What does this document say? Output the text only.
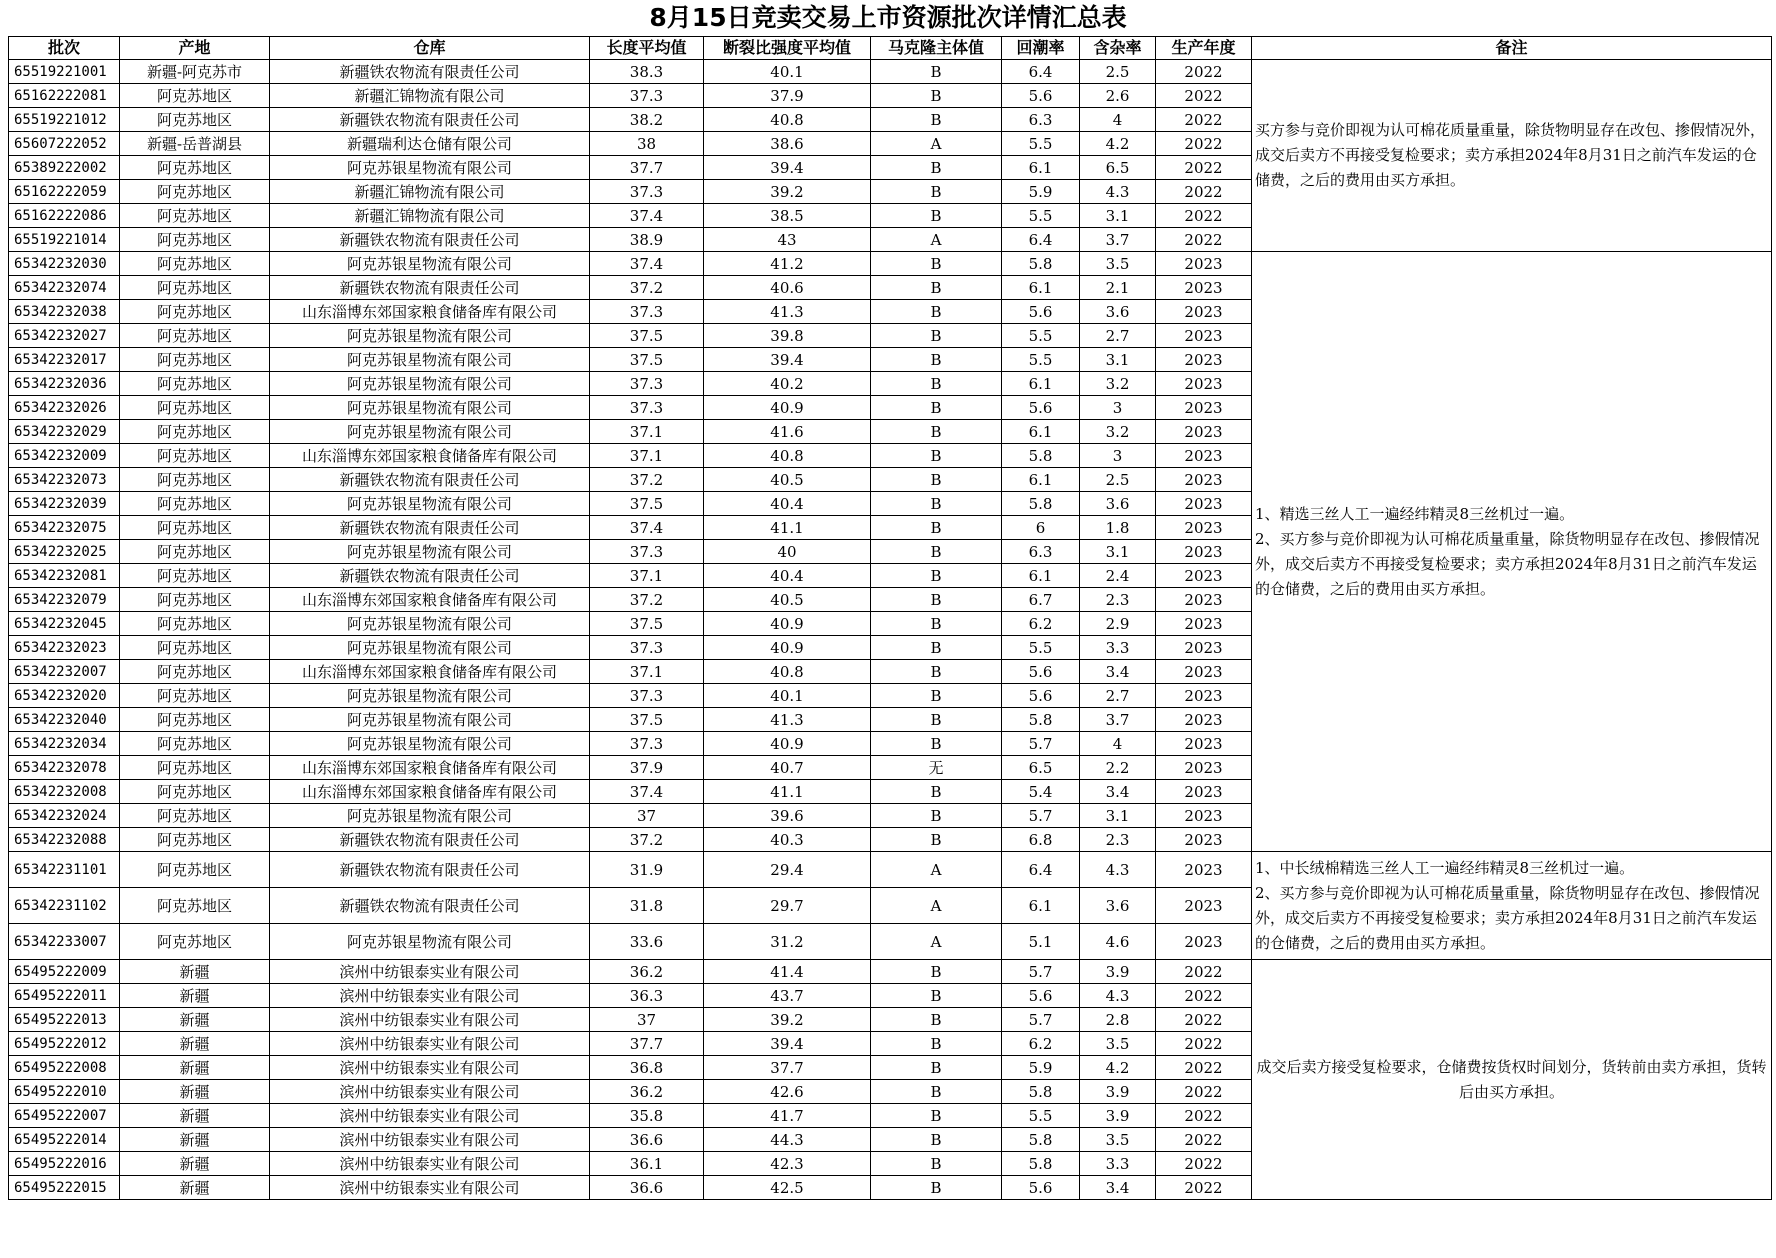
8月15日竞卖交易上市资源批次详情汇总表
批次	产地	仓库	长度平均值	断裂比强度平均值	马克隆主体值	回潮率	含杂率	生产年度	备注
65519221001	新疆-阿克苏市	新疆铁农物流有限责任公司	38.3	40.1	B	6.4	2.5	2022	买方参与竞价即视为认可棉花质量重量，除货物明显存在改包、掺假情况外，成交后卖方不再接受复检要求；卖方承担2024年8月31日之前汽车发运的仓储费，之后的费用由买方承担。

65162222081	阿克苏地区	新疆汇锦物流有限公司	37.3	37.9	B	5.6	2.6	2022	
65519221012	阿克苏地区	新疆铁农物流有限责任公司	38.2	40.8	B	6.3	4	2022	
65607222052	新疆-岳普湖县	新疆瑞利达仓储有限公司	38	38.6	A	5.5	4.2	2022	
65389222002	阿克苏地区	阿克苏银星物流有限公司	37.7	39.4	B	6.1	6.5	2022	
65162222059	阿克苏地区	新疆汇锦物流有限公司	37.3	39.2	B	5.9	4.3	2022	
65162222086	阿克苏地区	新疆汇锦物流有限公司	37.4	38.5	B	5.5	3.1	2022	
65519221014	阿克苏地区	新疆铁农物流有限责任公司	38.9	43	A	6.4	3.7	2022	
65342232030	阿克苏地区	阿克苏银星物流有限公司	37.4	41.2	B	5.8	3.5	2023	1、精选三丝人工一遍经纬精灵8三丝机过一遍。
2、买方参与竞价即视为认可棉花质量重量，除货物明显存在改包、掺假情况外，成交后卖方不再接受复检要求；卖方承担2024年8月31日之前汽车发运的仓储费，之后的费用由买方承担。

65342232074	阿克苏地区	新疆铁农物流有限责任公司	37.2	40.6	B	6.1	2.1	2023	
65342232038	阿克苏地区	山东淄博东郊国家粮食储备库有限公司	37.3	41.3	B	5.6	3.6	2023	
65342232027	阿克苏地区	阿克苏银星物流有限公司	37.5	39.8	B	5.5	2.7	2023	
65342232017	阿克苏地区	阿克苏银星物流有限公司	37.5	39.4	B	5.5	3.1	2023	
65342232036	阿克苏地区	阿克苏银星物流有限公司	37.3	40.2	B	6.1	3.2	2023	
65342232026	阿克苏地区	阿克苏银星物流有限公司	37.3	40.9	B	5.6	3	2023	
65342232029	阿克苏地区	阿克苏银星物流有限公司	37.1	41.6	B	6.1	3.2	2023	
65342232009	阿克苏地区	山东淄博东郊国家粮食储备库有限公司	37.1	40.8	B	5.8	3	2023	
65342232073	阿克苏地区	新疆铁农物流有限责任公司	37.2	40.5	B	6.1	2.5	2023	
65342232039	阿克苏地区	阿克苏银星物流有限公司	37.5	40.4	B	5.8	3.6	2023	
65342232075	阿克苏地区	新疆铁农物流有限责任公司	37.4	41.1	B	6	1.8	2023	
65342232025	阿克苏地区	阿克苏银星物流有限公司	37.3	40	B	6.3	3.1	2023	
65342232081	阿克苏地区	新疆铁农物流有限责任公司	37.1	40.4	B	6.1	2.4	2023	
65342232079	阿克苏地区	山东淄博东郊国家粮食储备库有限公司	37.2	40.5	B	6.7	2.3	2023	
65342232045	阿克苏地区	阿克苏银星物流有限公司	37.5	40.9	B	6.2	2.9	2023	
65342232023	阿克苏地区	阿克苏银星物流有限公司	37.3	40.9	B	5.5	3.3	2023	
65342232007	阿克苏地区	山东淄博东郊国家粮食储备库有限公司	37.1	40.8	B	5.6	3.4	2023	
65342232020	阿克苏地区	阿克苏银星物流有限公司	37.3	40.1	B	5.6	2.7	2023	
65342232040	阿克苏地区	阿克苏银星物流有限公司	37.5	41.3	B	5.8	3.7	2023	
65342232034	阿克苏地区	阿克苏银星物流有限公司	37.3	40.9	B	5.7	4	2023	
65342232078	阿克苏地区	山东淄博东郊国家粮食储备库有限公司	37.9	40.7	无	6.5	2.2	2023	
65342232008	阿克苏地区	山东淄博东郊国家粮食储备库有限公司	37.4	41.1	B	5.4	3.4	2023	
65342232024	阿克苏地区	阿克苏银星物流有限公司	37	39.6	B	5.7	3.1	2023	
65342232088	阿克苏地区	新疆铁农物流有限责任公司	37.2	40.3	B	6.8	2.3	2023	
65342231101	阿克苏地区	新疆铁农物流有限责任公司	31.9	29.4	A	6.4	4.3	2023	1、中长绒棉精选三丝人工一遍经纬精灵8三丝机过一遍。
2、买方参与竞价即视为认可棉花质量重量，除货物明显存在改包、掺假情况外，成交后卖方不再接受复检要求；卖方承担2024年8月31日之前汽车发运的仓储费，之后的费用由买方承担。

65342231102	阿克苏地区	新疆铁农物流有限责任公司	31.8	29.7	A	6.1	3.6	2023	
65342233007	阿克苏地区	阿克苏银星物流有限公司	33.6	31.2	A	5.1	4.6	2023	
65495222009	新疆	滨州中纺银泰实业有限公司	36.2	41.4	B	5.7	3.9	2022	成交后卖方接受复检要求，仓储费按货权时间划分，货转前由卖方承担，货转后由买方承担。

65495222011	新疆	滨州中纺银泰实业有限公司	36.3	43.7	B	5.6	4.3	2022	
65495222013	新疆	滨州中纺银泰实业有限公司	37	39.2	B	5.7	2.8	2022	
65495222012	新疆	滨州中纺银泰实业有限公司	37.7	39.4	B	6.2	3.5	2022	
65495222008	新疆	滨州中纺银泰实业有限公司	36.8	37.7	B	5.9	4.2	2022	
65495222010	新疆	滨州中纺银泰实业有限公司	36.2	42.6	B	5.8	3.9	2022	
65495222007	新疆	滨州中纺银泰实业有限公司	35.8	41.7	B	5.5	3.9	2022	
65495222014	新疆	滨州中纺银泰实业有限公司	36.6	44.3	B	5.8	3.5	2022	
65495222016	新疆	滨州中纺银泰实业有限公司	36.1	42.3	B	5.8	3.3	2022	
65495222015	新疆	滨州中纺银泰实业有限公司	36.6	42.5	B	5.6	3.4	2022	
